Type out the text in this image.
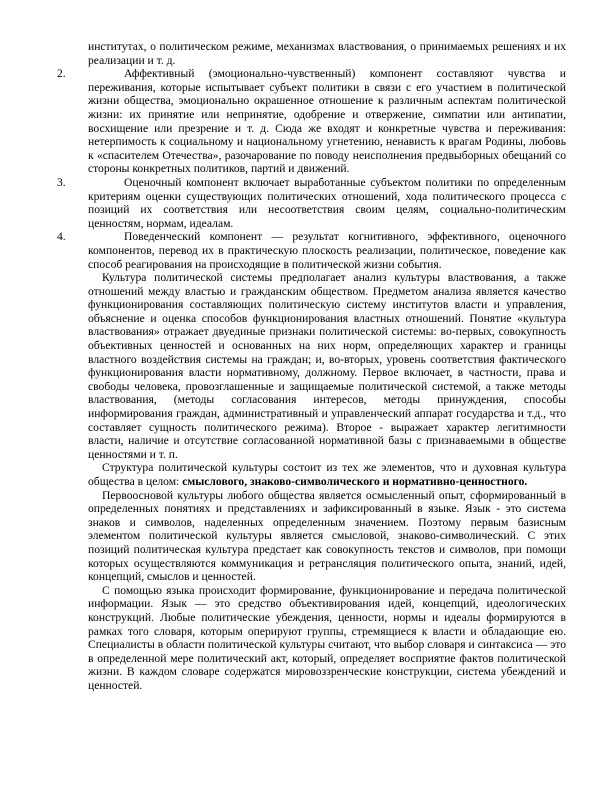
институтах, о политическом режиме, механизмах властвования, о принимаемых решениях и их реализации и т. д.

2.	Аффективный (эмоционально-чувственный) компонент составляют чувства и переживания, которые испытывает субъект политики в связи с его участием в политической жизни общества, эмоционально окрашенное отношение к различным аспектам политической жизни: их принятие или непринятие, одобрение и отвержение, симпатии или антипатии, восхищение или презрение и т. д. Сюда же входят и конкретные чувства и переживания: нетерпимость к социальному и национальному угнетению, ненависть к врагам Родины, любовь к «спасителем Отечества», разочарование по поводу неисполнения предвыборных обещаний со стороны конкретных политиков, партий и движений.

3.	Оценочный компонент включает выработанные субъектом политики по определенным критериям оценки существующих политических отношений, хода политического процесса с позиций их соответствия или несоответствия своим целям, социально-политическим ценностям, нормам, идеалам.

4.	Поведенческий компонент — результат когнитивного, эффективного, оценочного компонентов, перевод их в практическую плоскость реализации, политическое, поведение как способ реагирования на происходящие в политической жизни события.

Культура политической системы предполагает анализ культуры властвования, а также отношений между властью и гражданским обществом. Предметом анализа является качество функционирования составляющих политическую систему институтов власти и управления, объяснение и оценка способов функционирования властных отношений. Понятие «культура властвования» отражает двуединые признаки политической системы: во-первых, совокупность объективных ценностей и основанных на них норм, определяющих характер и границы властного воздействия системы на граждан; и, во-вторых, уровень соответствия фактического функционирования власти нормативному, должному. Первое включает, в частности, права и свободы человека, провозглашенные и защищаемые политической системой, а также методы властвования, (методы согласования интересов, методы принуждения, способы информирования граждан, административный и управленческий аппарат государства и т.д., что составляет сущность политического режима). Второе - выражает характер легитимности власти, наличие и отсутствие согласованной нормативной базы с признаваемыми в обществе ценностями и т. п.

Структура политической культуры состоит из тех же элементов, что и духовная культура общества в целом: смыслового, знаково-символического и нормативно-ценностного.

Первоосновой культуры любого общества является осмысленный опыт, сформированный в определенных понятиях и представлениях и зафиксированный в языке. Язык - это система знаков и символов, наделенных определенным значением. Поэтому первым базисным элементом политической культуры является смысловой, знаково-символический. С этих позиций политическая культура предстает как совокупность текстов и символов, при помощи которых осуществляются коммуникация и ретрансляция политического опыта, знаний, идей, концепций, смыслов и ценностей.

С помощью языка происходит формирование, функционирование и передача политической информации. Язык — это средство объективирования идей, концепций, идеологических конструкций. Любые политические убеждения, ценности, нормы и идеалы формируются в рамках того словаря, которым оперируют группы, стремящиеся к власти и обладающие ею. Специалисты в области политической культуры считают, что выбор словаря и синтаксиса — это в определенной мере политический акт, который, определяет восприятие фактов политической жизни. В каждом словаре содержатся мировоззренческие конструкции, система убеждений и ценностей.
